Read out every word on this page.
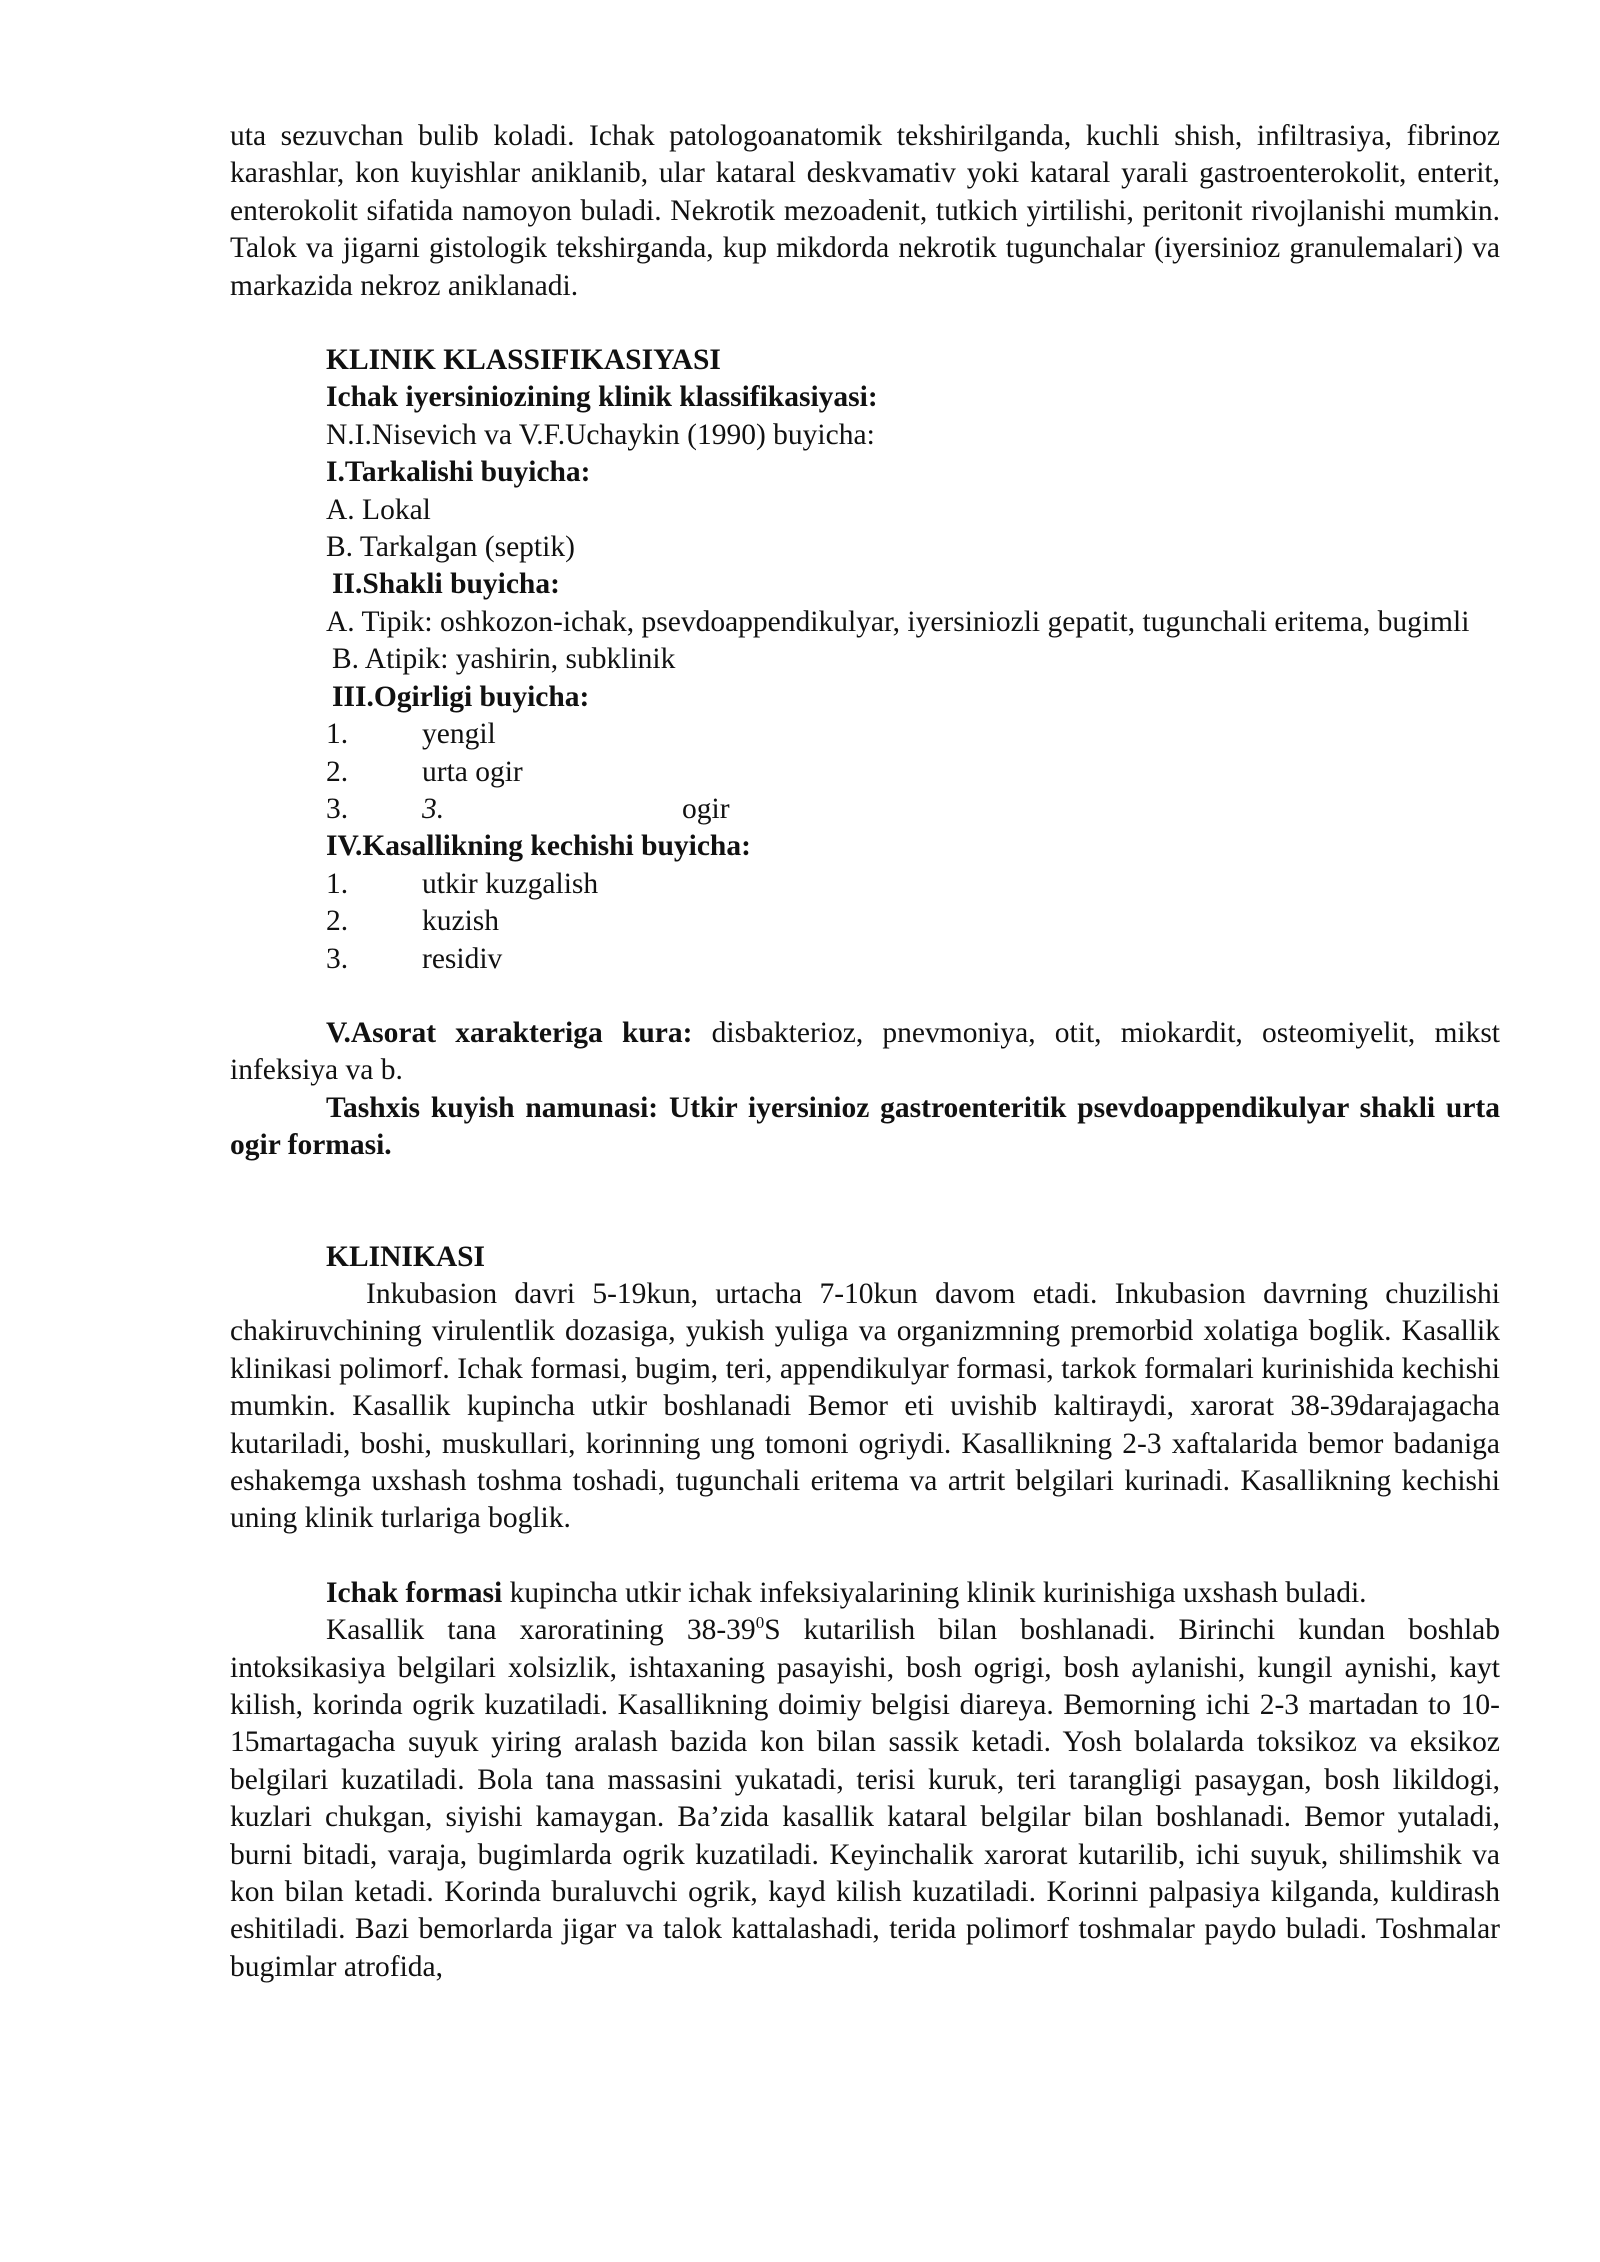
uta sezuvchan bulib koladi. Ichak patologoanatomik tekshirilganda, kuchli shish, infiltrasiya, fibrinoz karashlar, kon kuyishlar aniklanib, ular kataral deskvamativ yoki kataral yarali gastroenterokolit, enterit, enterokolit sifatida namoyon buladi. Nekrotik mezoadenit, tutkich yirtilishi, peritonit rivojlanishi mumkin. Talok va jigarni gistologik tekshirganda, kup mikdorda nekrotik tugunchalar (iyersinioz granulemalari) va markazida nekroz aniklanadi.

KLINIK KLASSIFIKASIYASI

Ichak iyersiniozining klinik klassifikasiyasi:

N.I.Nisevich va V.F.Uchaykin (1990) buyicha:

I.Tarkalishi buyicha:

A. Lokal

B. Tarkalgan (septik)

II.Shakli buyicha:

A. Tipik: oshkozon-ichak, psevdoappendikulyar, iyersiniozli gepatit, tugunchali eritema, bugimli

B. Atipik: yashirin, subklinik

III.Ogirligi buyicha:

1.	yengil
2.	urta ogir
3.	3.	ogir

IV.Kasallikning kechishi buyicha:

1.	utkir kuzgalish
2.	kuzish
3.	residiv

V.Asorat xarakteriga kura: disbakterioz, pnevmoniya, otit, miokardit, osteomiyelit, mikst infeksiya va b.

Tashxis kuyish namunasi: Utkir iyersinioz gastroenteritik psevdoappendikulyar shakli urta ogir formasi.

KLINIKASI

Inkubasion davri 5-19kun, urtacha 7-10kun davom etadi. Inkubasion davrning chuzilishi chakiruvchining virulentlik dozasiga, yukish yuliga va organizmning premorbid xolatiga boglik. Kasallik klinikasi polimorf. Ichak formasi, bugim, teri, appendikulyar formasi, tarkok formalari kurinishida kechishi mumkin. Kasallik kupincha utkir boshlanadi Bemor eti uvishib kaltiraydi, xarorat 38-39darajagacha kutariladi, boshi, muskullari, korinning ung tomoni ogriydi. Kasallikning 2-3 xaftalarida bemor badaniga eshakemga uxshash toshma toshadi, tugunchali eritema va artrit belgilari kurinadi. Kasallikning kechishi uning klinik turlariga boglik.

Ichak formasi kupincha utkir ichak infeksiyalarining klinik kurinishiga uxshash buladi.

Kasallik tana xaroratining $38-39^0S$ kutarilish bilan boshlanadi. Birinchi kundan boshlab intoksikasiya belgilari xolsizlik, ishtaxaning pasayishi, bosh ogrigi, bosh aylanishi, kungil aynishi, kayt kilish, korinda ogrik kuzatiladi. Kasallikning doimiy belgisi diareya. Bemorning ichi 2-3 martadan to 10-15martagacha suyuk yiring aralash bazida kon bilan sassik ketadi. Yosh bolalarda toksikoz va eksikoz belgilari kuzatiladi. Bola tana massasini yukatadi, terisi kuruk, teri tarangligi pasaygan, bosh likildogi, kuzlari chukgan, siyishi kamaygan. Ba’zida kasallik kataral belgilar bilan boshlanadi. Bemor yutaladi, burni bitadi, varaja, bugimlarda ogrik kuzatiladi. Keyinchalik xarorat kutarilib, ichi suyuk, shilimshik va kon bilan ketadi. Korinda buraluvchi ogrik, kayd kilish kuzatiladi. Korinni palpasiya kilganda, kuldirash eshitiladi. Bazi bemorlarda jigar va talok kattalashadi, terida polimorf toshmalar paydo buladi. Toshmalar bugimlar atrofida,
